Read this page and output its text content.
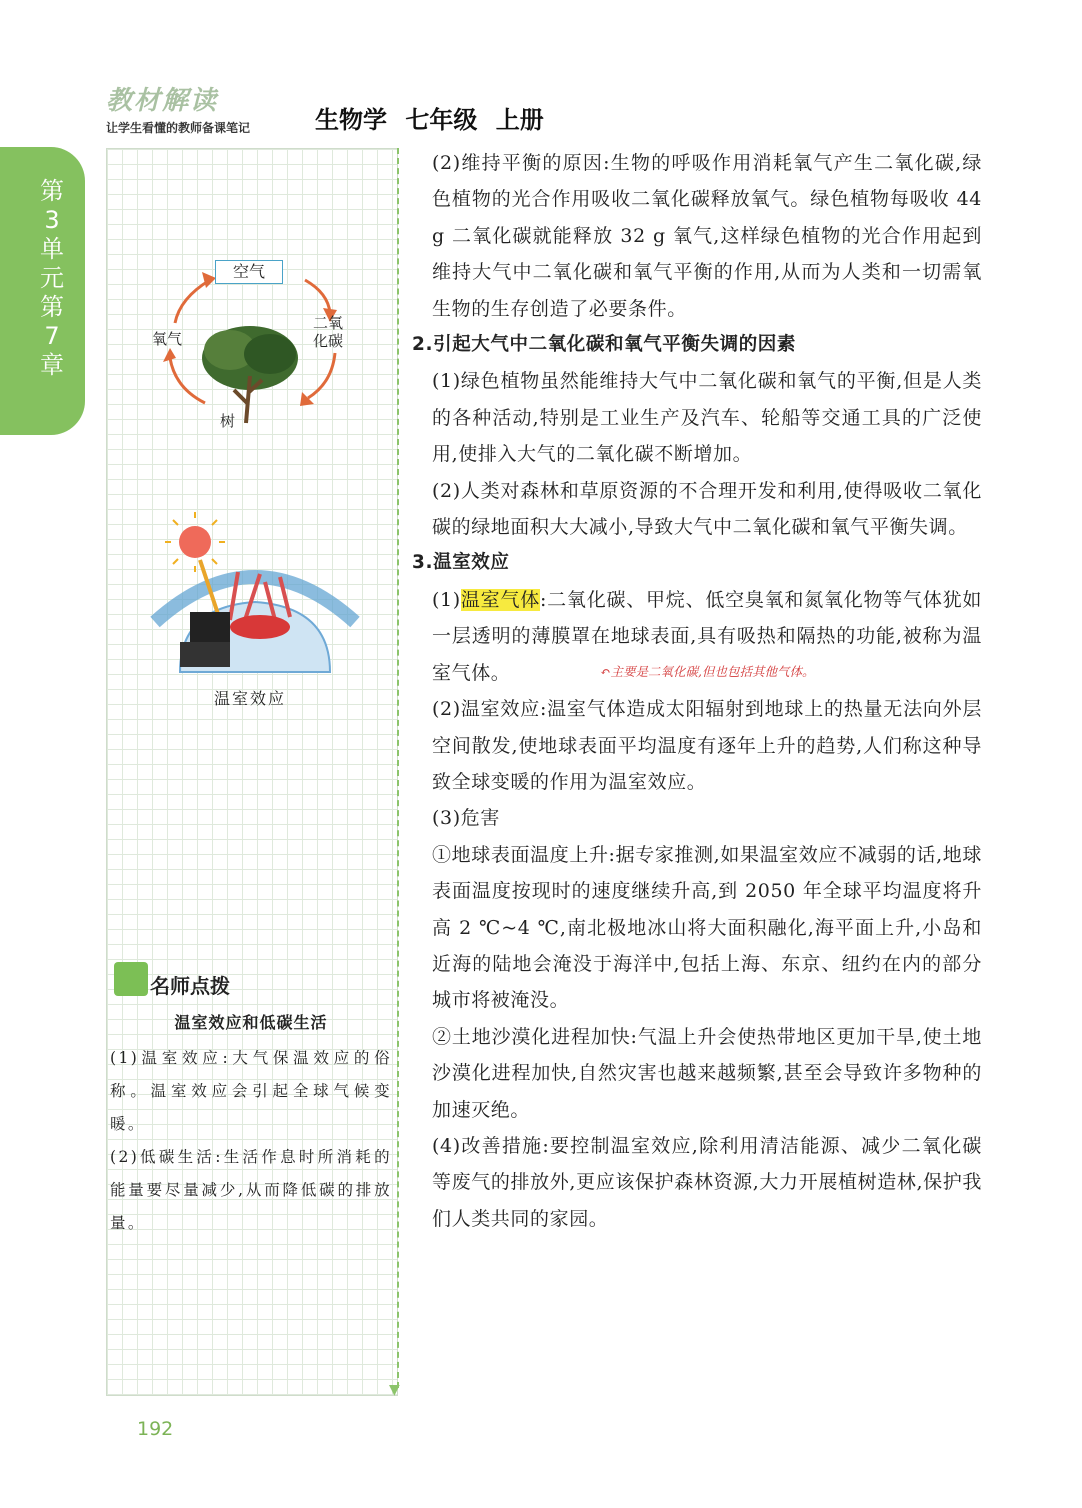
教材解读
让学生看懂的教师备课笔记	生物学 七年级 上册
第3单元 第7章
▼
空气
氧气
二氧化碳
树
温室效应
名师点拨
温室效应和低碳生活

(1)温室效应:大气保温效应的俗称。温室效应会引起全球气候变暖。

(2)低碳生活:生活作息时所消耗的能量要尽量减少,从而降低碳的排放量。

(2)维持平衡的原因:生物的呼吸作用消耗氧气产生二氧化碳,绿色植物的光合作用吸收二氧化碳释放氧气。绿色植物每吸收 44 g 二氧化碳就能释放 32 g 氧气,这样绿色植物的光合作用起到维持大气中二氧化碳和氧气平衡的作用,从而为人类和一切需氧生物的生存创造了必要条件。

2.引起大气中二氧化碳和氧气平衡失调的因素

(1)绿色植物虽然能维持大气中二氧化碳和氧气的平衡,但是人类的各种活动,特别是工业生产及汽车、轮船等交通工具的广泛使用,使排入大气的二氧化碳不断增加。

(2)人类对森林和草原资源的不合理开发和利用,使得吸收二氧化碳的绿地面积大大减小,导致大气中二氧化碳和氧气平衡失调。

3.温室效应

(1)温室气体:二氧化碳、甲烷、低空臭氧和氮氧化物等气体犹如一层透明的薄膜罩在地球表面,具有吸热和隔热的功能,被称为温室气体。

(2)温室效应:温室气体造成太阳辐射到地球上的热量无法向外层空间散发,使地球表面平均温度有逐年上升的趋势,人们称这种导致全球变暖的作用为温室效应。

(3)危害

①地球表面温度上升:据专家推测,如果温室效应不减弱的话,地球表面温度按现时的速度继续升高,到 2050 年全球平均温度将升高 2 ℃~4 ℃,南北极地冰山将大面积融化,海平面上升,小岛和近海的陆地会淹没于海洋中,包括上海、东京、纽约在内的部分城市将被淹没。

②土地沙漠化进程加快:气温上升会使热带地区更加干旱,使土地沙漠化进程加快,自然灾害也越来越频繁,甚至会导致许多物种的加速灭绝。

(4)改善措施:要控制温室效应,除利用清洁能源、减少二氧化碳等废气的排放外,更应该保护森林资源,大力开展植树造林,保护我们人类共同的家园。

↶主要是二氧化碳,但也包括其他气体。
192
